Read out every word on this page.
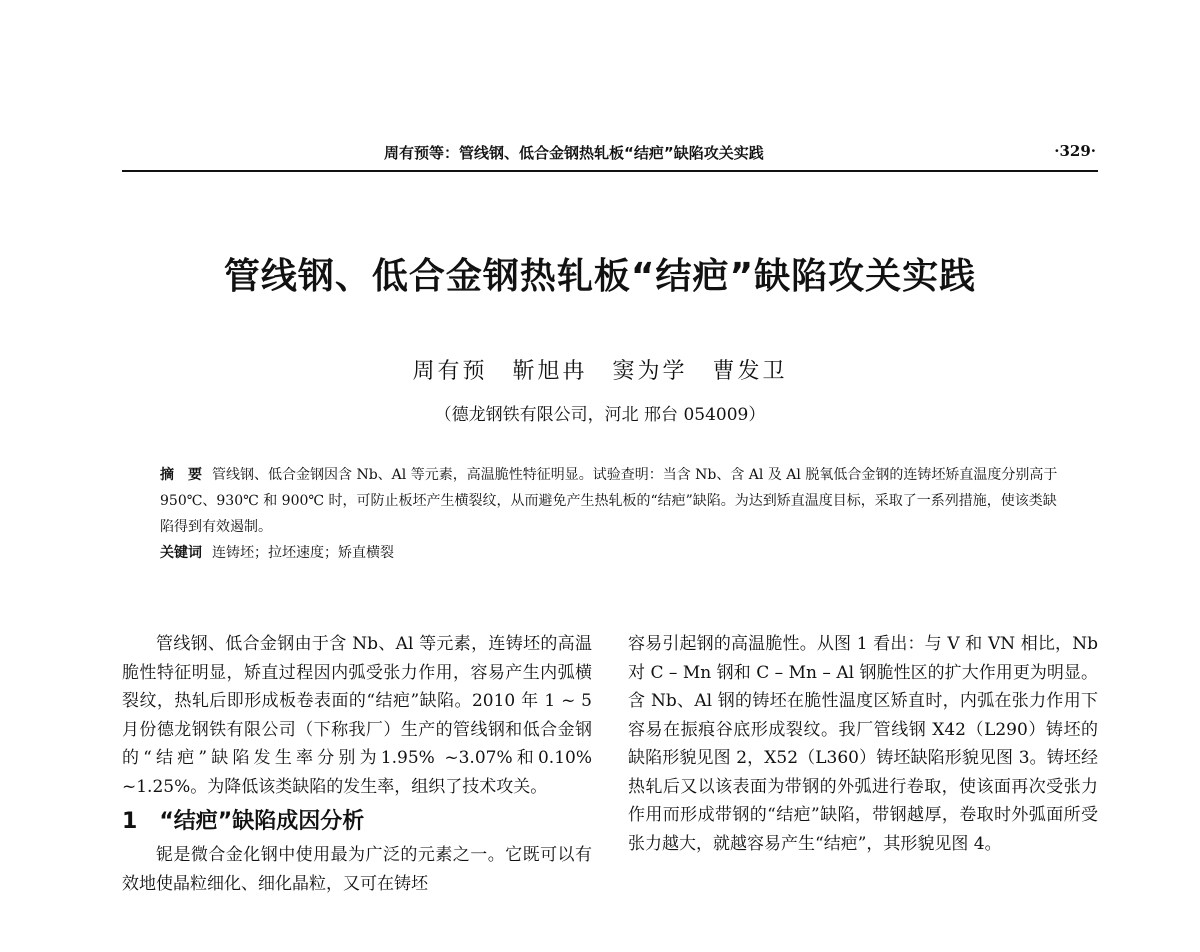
周有预等：管线钢、低合金钢热轧板“结疤”缺陷攻关实践	·329·
管线钢、低合金钢热轧板“结疤”缺陷攻关实践
周有预　靳旭冉　窦为学　曹发卫
（德龙钢铁有限公司，河北 邢台 054009）
摘　要 管线钢、低合金钢因含 Nb、Al 等元素，高温脆性特征明显。试验查明：当含 Nb、含 Al 及 Al 脱氧低合金钢的连铸坯矫直温度分别高于 950℃、930℃ 和 900℃ 时，可防止板坯产生横裂纹，从而避免产生热轧板的“结疤”缺陷。为达到矫直温度目标，采取了一系列措施，使该类缺陷得到有效遏制。
关键词 连铸坯；拉坯速度；矫直横裂

管线钢、低合金钢由于含 Nb、Al 等元素，连铸坯的高温脆性特征明显，矫直过程因内弧受张力作用，容易产生内弧横裂纹，热轧后即形成板卷表面的“结疤”缺陷。2010 年 1 ~ 5 月份德龙钢铁有限公司（下称我厂）生产的管线钢和低合金钢的“结疤”缺陷发生率分别为1.95% ~3.07%和0.10% ~1.25%。为降低该类缺陷的发生率，组织了技术攻关。

1 “结疤”缺陷成因分析

铌是微合金化钢中使用最为广泛的元素之一。它既可以有效地使晶粒细化、细化晶粒，又可在铸坯

容易引起钢的高温脆性。从图 1 看出：与 V 和 VN 相比，Nb 对 C – Mn 钢和 C – Mn – Al 钢脆性区的扩大作用更为明显。含 Nb、Al 钢的铸坯在脆性温度区矫直时，内弧在张力作用下容易在振痕谷底形成裂纹。我厂管线钢 X42（L290）铸坯的缺陷形貌见图 2，X52（L360）铸坯缺陷形貌见图 3。铸坯经热轧后又以该表面为带钢的外弧进行卷取，使该面再次受张力作用而形成带钢的“结疤”缺陷，带钢越厚，卷取时外弧面所受张力越大，就越容易产生“结疤”，其形貌见图 4。
